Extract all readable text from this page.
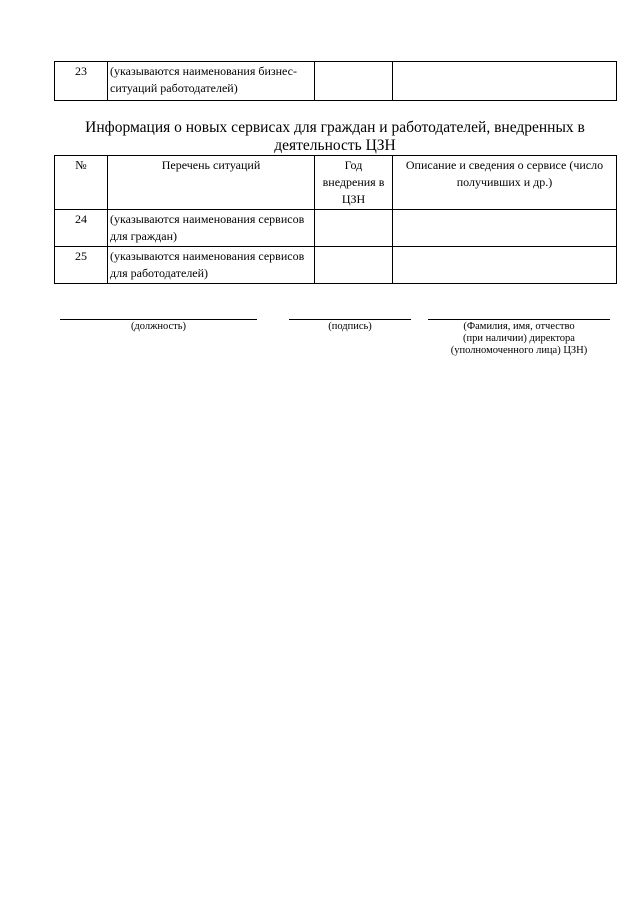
23	(указываются наименования бизнес-ситуаций работодателей)		
Информация о новых сервисах для граждан и работодателей, внедренных в деятельность ЦЗН
№	Перечень ситуаций	Год внедрения в ЦЗН	Описание и сведения о сервисе (число получивших и др.)
24	(указываются наименования сервисов для граждан)		
25	(указываются наименования сервисов для работодателей)		
(должность)	(подпись)	(Фамилия, имя, отчество
(при наличии) директора
(уполномоченного лица) ЦЗН)
